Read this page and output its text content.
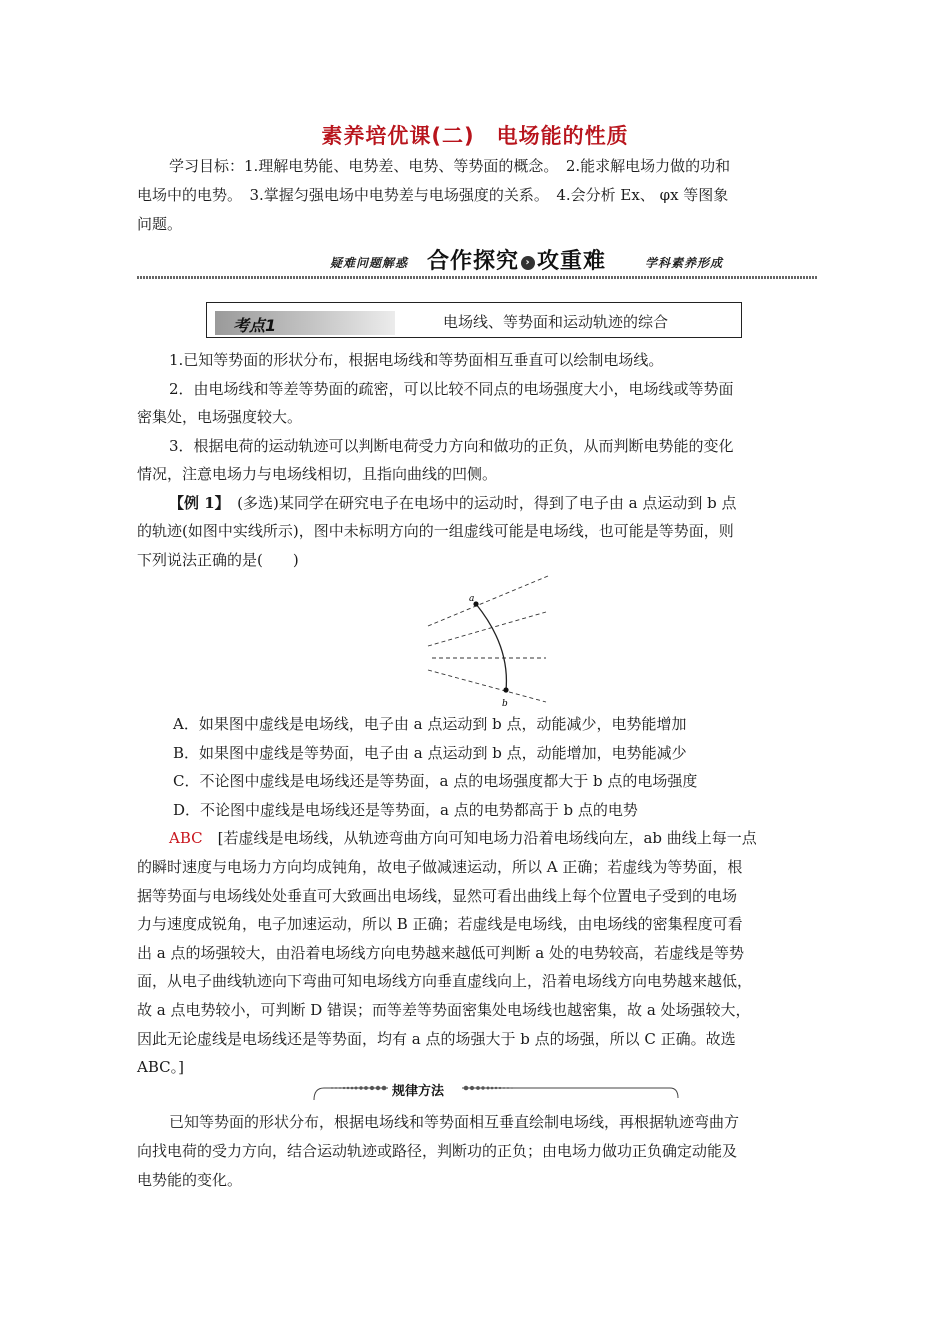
素养培优课(二)　电场能的性质

学习目标：1.理解电势能、电势差、电势、等势面的概念。　2.能求解电场力做的功和

电场中的电势。　3.掌握匀强电场中电势差与电场强度的关系。　4.会分析 Ex、 φx 等图象
问题。

疑难问题解惑 合作探究 › 攻重难	学科素养形成
考点1	电场线、等势面和运动轨迹的综合

1.已知等势面的形状分布，根据电场线和等势面相互垂直可以绘制电场线。

2．由电场线和等差等势面的疏密，可以比较不同点的电场强度大小，电场线或等势面

密集处，电场强度较大。

3．根据电荷的运动轨迹可以判断电荷受力方向和做功的正负，从而判断电势能的变化

情况，注意电场力与电场线相切，且指向曲线的凹侧。

【例 1】　(多选)某同学在研究电子在电场中的运动时，得到了电子由 a 点运动到 b 点

的轨迹(如图中实线所示)，图中未标明方向的一组虚线可能是电场线，也可能是等势面，则
下列说法正确的是(　　)

a
b

A．如果图中虚线是电场线，电子由 a 点运动到 b 点，动能减少，电势能增加
B．如果图中虚线是等势面，电子由 a 点运动到 b 点，动能增加，电势能减少
C．不论图中虚线是电场线还是等势面，a 点的电场强度都大于 b 点的电场强度
D．不论图中虚线是电场线还是等势面，a 点的电势都高于 b 点的电势

ABC　[若虚线是电场线，从轨迹弯曲方向可知电场力沿着电场线向左，ab 曲线上每一点

的瞬时速度与电场力方向均成钝角，故电子做减速运动，所以 A 正确；若虚线为等势面，根
据等势面与电场线处处垂直可大致画出电场线，显然可看出曲线上每个位置电子受到的电场
力与速度成锐角，电子加速运动，所以 B 正确；若虚线是电场线，由电场线的密集程度可看
出 a 点的场强较大，由沿着电场线方向电势越来越低可判断 a 处的电势较高，若虚线是等势
面，从电子曲线轨迹向下弯曲可知电场线方向垂直虚线向上，沿着电场线方向电势越来越低，
故 a 点电势较小，可判断 D 错误；而等差等势面密集处电场线也越密集，故 a 处场强较大，
因此无论虚线是电场线还是等势面，均有 a 点的场强大于 b 点的场强，所以 C 正确。故选
ABC。]

规律方法

已知等势面的形状分布，根据电场线和等势面相互垂直绘制电场线，再根据轨迹弯曲方

向找电荷的受力方向，结合运动轨迹或路径，判断功的正负；由电场力做功正负确定动能及
电势能的变化。
